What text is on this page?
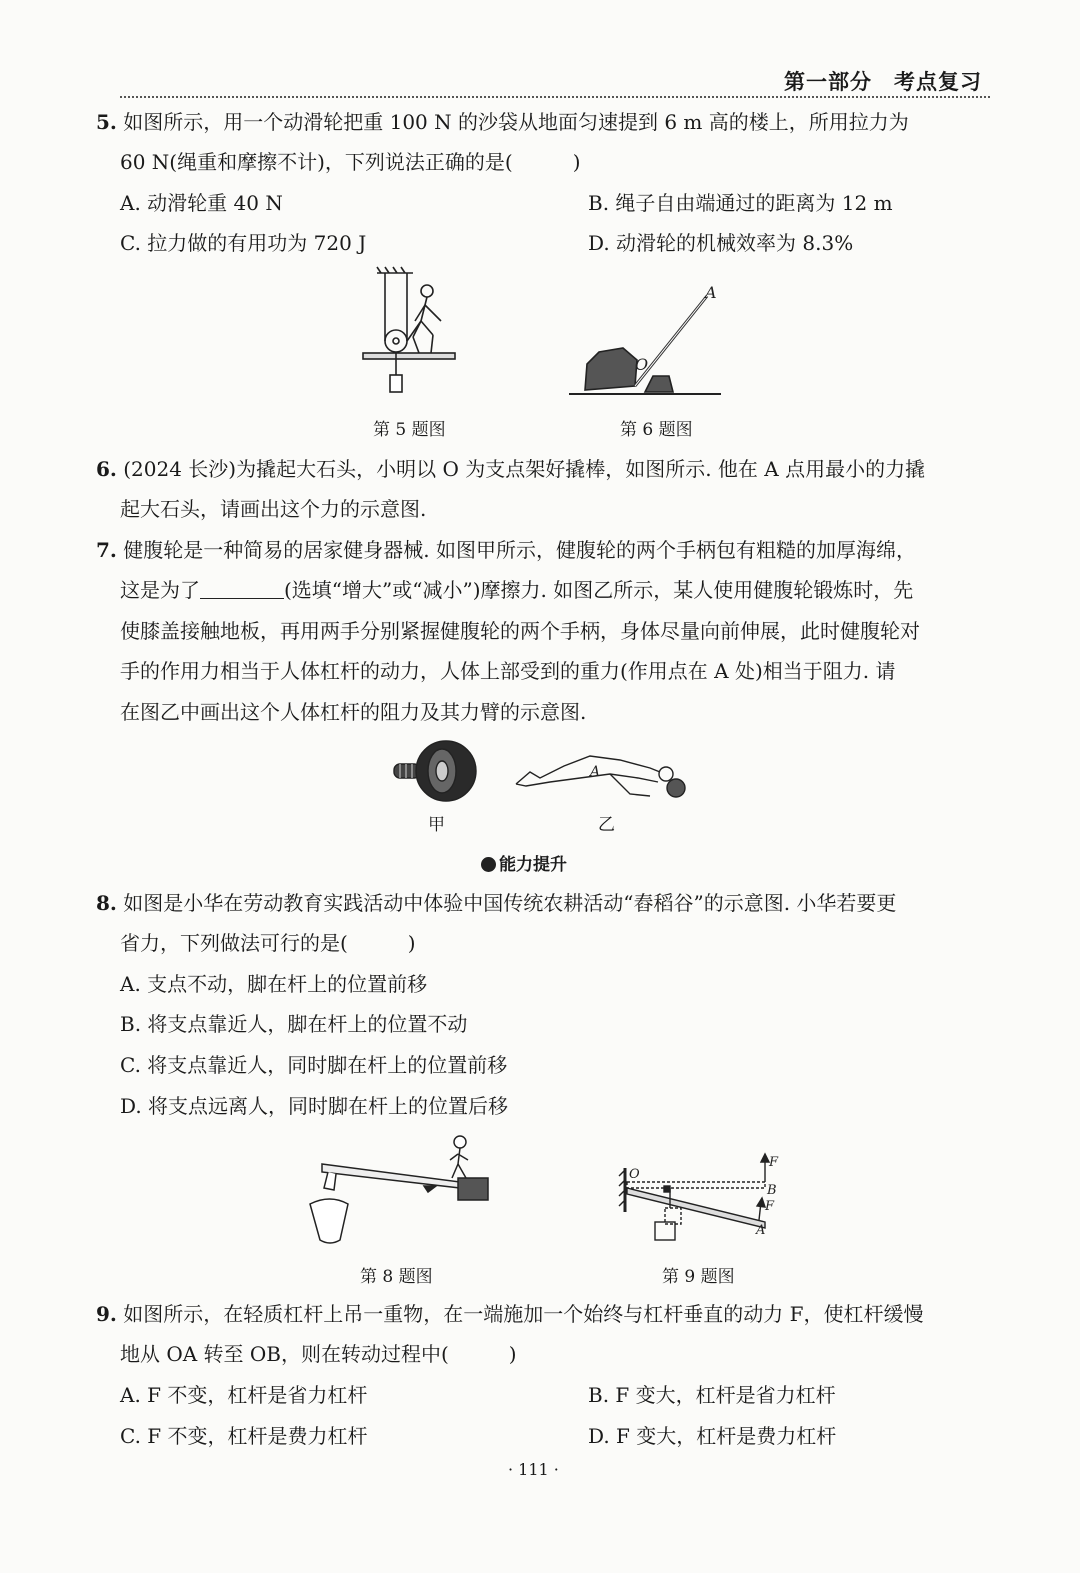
第一部分　考点复习
5. 如图所示，用一个动滑轮把重 100 N 的沙袋从地面匀速提到 6 m 高的楼上，所用拉力为
60 N(绳重和摩擦不计)，下列说法正确的是(　　　)
A. 动滑轮重 40 N	B. 绳子自由端通过的距离为 12 m
C. 拉力做的有用功为 720 J	D. 动滑轮的机械效率为 8.3%
第 5 题图
A
O
第 6 题图
6. (2024 长沙)为撬起大石头，小明以 O 为支点架好撬棒，如图所示. 他在 A 点用最小的力撬
起大石头，请画出这个力的示意图.
7. 健腹轮是一种简易的居家健身器械. 如图甲所示，健腹轮的两个手柄包有粗糙的加厚海绵，
这是为了	(选填“增大”或“减小”)摩擦力. 如图乙所示，某人使用健腹轮锻炼时，先
使膝盖接触地板，再用两手分别紧握健腹轮的两个手柄，身体尽量向前伸展，此时健腹轮对
手的作用力相当于人体杠杆的动力，人体上部受到的重力(作用点在 A 处)相当于阻力. 请
在图乙中画出这个人体杠杆的阻力及其力臂的示意图.
甲
A
乙
能力提升
8. 如图是小华在劳动教育实践活动中体验中国传统农耕活动“舂稻谷”的示意图. 小华若要更
省力，下列做法可行的是(　　　)
A. 支点不动，脚在杆上的位置前移
B. 将支点靠近人，脚在杆上的位置不动
C. 将支点靠近人，同时脚在杆上的位置前移
D. 将支点远离人，同时脚在杆上的位置后移
第 8 题图
O
B
A
F
F
第 9 题图
9. 如图所示，在轻质杠杆上吊一重物，在一端施加一个始终与杠杆垂直的动力 F，使杠杆缓慢
地从 OA 转至 OB，则在转动过程中(　　　)
A. F 不变，杠杆是省力杠杆	B. F 变大，杠杆是省力杠杆
C. F 不变，杠杆是费力杠杆	D. F 变大，杠杆是费力杠杆
· 111 ·
